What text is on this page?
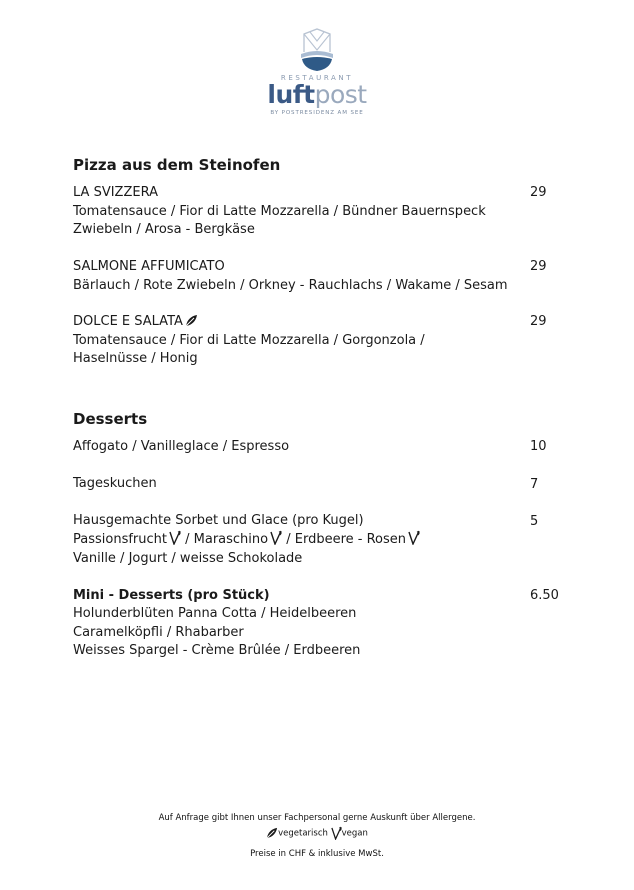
RESTAURANT
luftpost
BY POSTRESIDENZ AM SEE
Pizza aus dem Steinofen
LA SVIZZERA	29
Tomatensauce / Fior di Latte Mozzarella / Bündner Bauernspeck
Zwiebeln / Arosa - Bergkäse
SALMONE AFFUMICATO	29
Bärlauch / Rote Zwiebeln / Orkney - Rauchlachs / Wakame / Sesam
DOLCE E SALATA	29
Tomatensauce / Fior di Latte Mozzarella / Gorgonzola /
Haselnüsse / Honig
Desserts
Affogato / Vanilleglace / Espresso	10
Tageskuchen	7
Hausgemachte Sorbet und Glace (pro Kugel)	5
Passionsfrucht / Maraschino / Erdbeere - Rosen
Vanille / Jogurt / weisse Schokolade
Mini - Desserts (pro Stück)	6.50
Holunderblüten Panna Cotta / Heidelbeeren
Caramelköpfli / Rhabarber
Weisses Spargel - Crème Brûlée / Erdbeeren
Auf Anfrage gibt Ihnen unser Fachpersonal gerne Auskunft über Allergene.
vegetarisch vegan
Preise in CHF & inklusive MwSt.
